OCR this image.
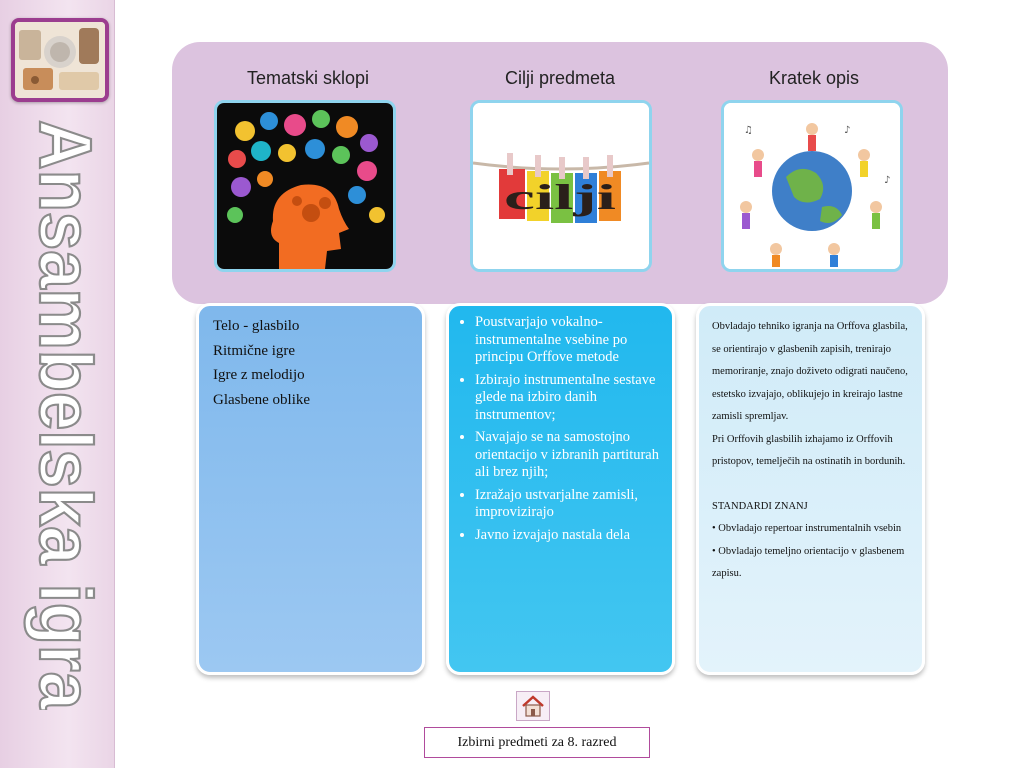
Ansambelska igra
Tematski sklopi	Cilji predmeta	Kratek opis
cilji
♪
♫
♪
Telo - glasbilo
Ritmične igre
Igre z melodijo
Glasbene oblike
• Poustvarjajo vokalno-instrumentalne vsebine po principu Orffove metode
• Izbirajo instrumentalne sestave glede na izbiro danih instrumentov;
• Navajajo se na samostojno orientacijo v izbranih partiturah ali brez njih;
• Izražajo ustvarjalne zamisli, improvizirajo
• Javno izvajajo nastala dela

Obvladajo tehniko igranja na Orffova glasbila, se orientirajo v glasbenih zapisih, trenirajo memoriranje, znajo doživeto odigrati naučeno, estetsko izvajajo, oblikujejo in kreirajo lastne zamisli spremljav.

Pri Orffovih glasbilih izhajamo iz Orffovih pristopov, temelječih na ostinatih in bordunih.

STANDARDI ZNANJ

• Obvladajo repertoar instrumentalnih vsebin

• Obvladajo temeljno orientacijo v glasbenem zapisu.

Izbirni predmeti za 8. razred
